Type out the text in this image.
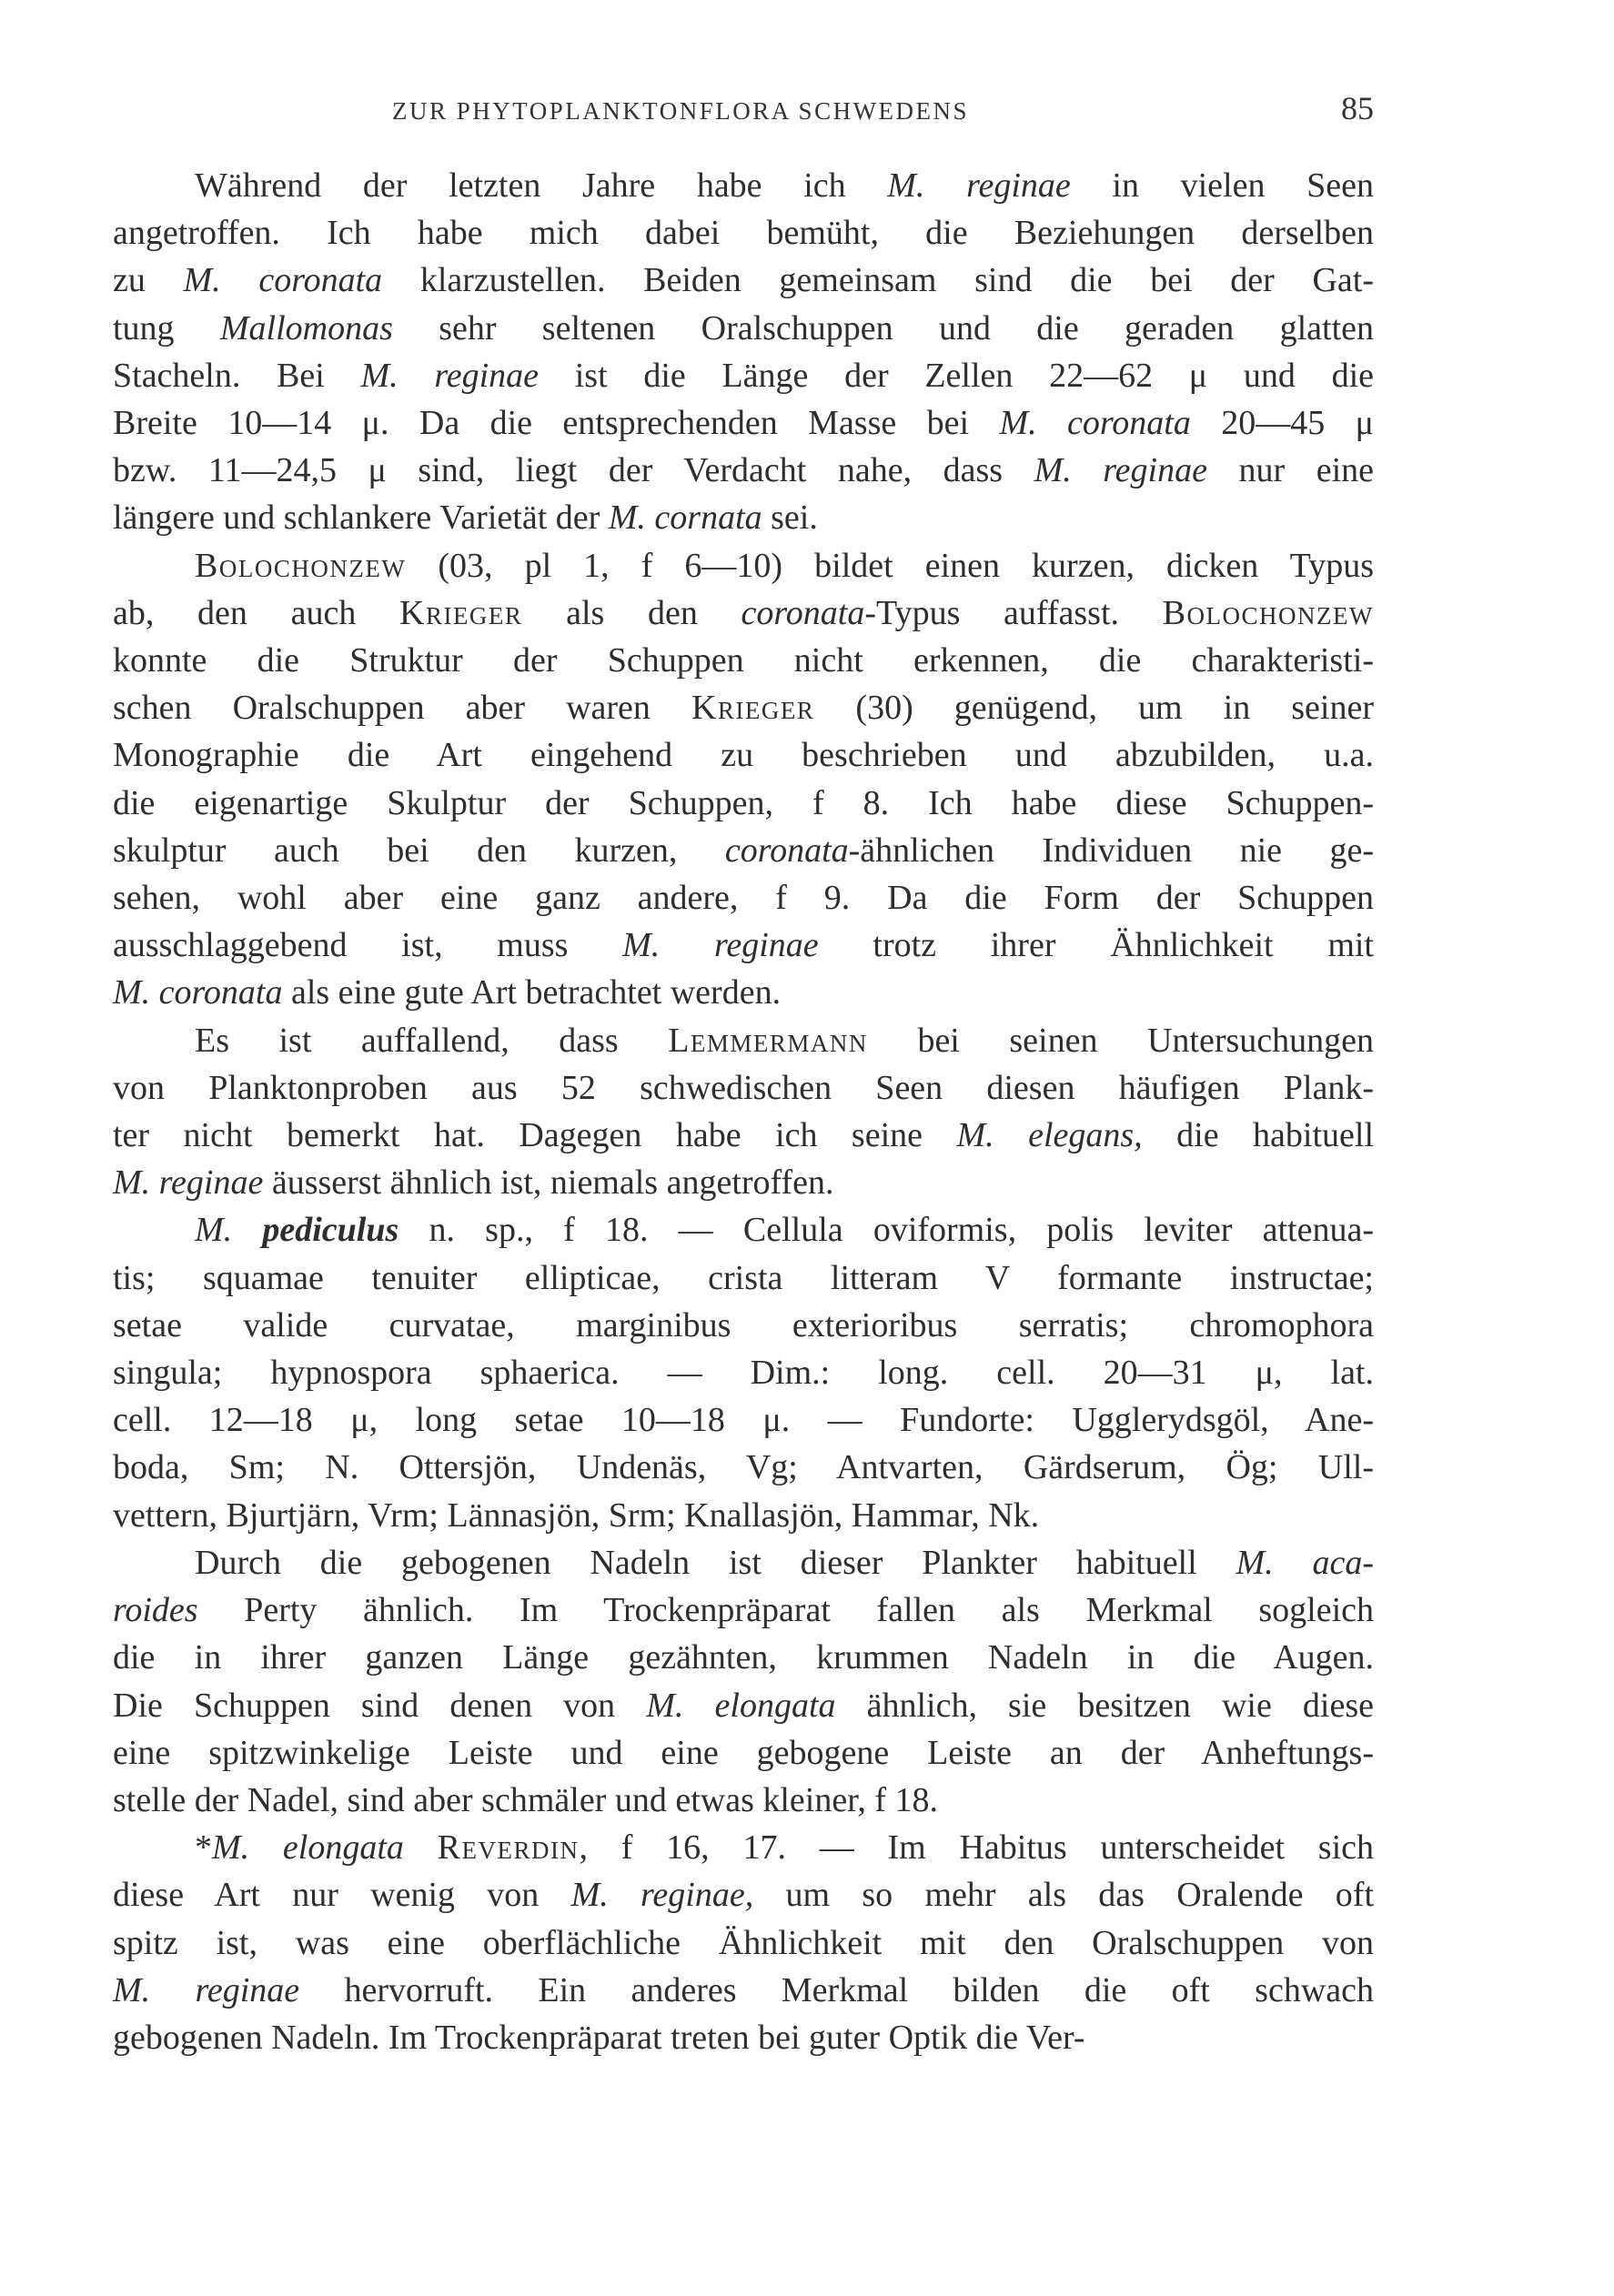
ZUR PHYTOPLANKTONFLORA SCHWEDENS	85
Während der letzten Jahre habe ich M. reginae in vielen Seen
angetroffen. Ich habe mich dabei bemüht, die Beziehungen derselben
zu M. coronata klarzustellen. Beiden gemeinsam sind die bei der Gat-
tung Mallomonas sehr seltenen Oralschuppen und die geraden glatten
Stacheln. Bei M. reginae ist die Länge der Zellen 22—62 μ und die
Breite 10—14 μ. Da die entsprechenden Masse bei M. coronata 20—45 μ
bzw. 11—24,5 μ sind, liegt der Verdacht nahe, dass M. reginae nur eine
längere und schlankere Varietät der M. cornata sei.
Bolochonzew (03, pl 1, f 6—10) bildet einen kurzen, dicken Typus
ab, den auch Krieger als den coronata-Typus auffasst. Bolochonzew
konnte die Struktur der Schuppen nicht erkennen, die charakteristi-
schen Oralschuppen aber waren Krieger (30) genügend, um in seiner
Monographie die Art eingehend zu beschrieben und abzubilden, u.a.
die eigenartige Skulptur der Schuppen, f 8. Ich habe diese Schuppen-
skulptur auch bei den kurzen, coronata-ähnlichen Individuen nie ge-
sehen, wohl aber eine ganz andere, f 9. Da die Form der Schuppen
ausschlaggebend ist, muss M. reginae trotz ihrer Ähnlichkeit mit
M. coronata als eine gute Art betrachtet werden.
Es ist auffallend, dass Lemmermann bei seinen Untersuchungen
von Planktonproben aus 52 schwedischen Seen diesen häufigen Plank-
ter nicht bemerkt hat. Dagegen habe ich seine M. elegans, die habituell
M. reginae äusserst ähnlich ist, niemals angetroffen.
M. pediculus n. sp., f 18. — Cellula oviformis, polis leviter attenua-
tis; squamae tenuiter ellipticae, crista litteram V formante instructae;
setae valide curvatae, marginibus exterioribus serratis; chromophora
singula; hypnospora sphaerica. — Dim.: long. cell. 20—31 μ, lat.
cell. 12—18 μ, long setae 10—18 μ. — Fundorte: Ugglerydsgöl, Ane-
boda, Sm; N. Ottersjön, Undenäs, Vg; Antvarten, Gärdserum, Ög; Ull-
vettern, Bjurtjärn, Vrm; Lännasjön, Srm; Knallasjön, Hammar, Nk.
Durch die gebogenen Nadeln ist dieser Plankter habituell M. aca-
roides Perty ähnlich. Im Trockenpräparat fallen als Merkmal sogleich
die in ihrer ganzen Länge gezähnten, krummen Nadeln in die Augen.
Die Schuppen sind denen von M. elongata ähnlich, sie besitzen wie diese
eine spitzwinkelige Leiste und eine gebogene Leiste an der Anheftungs-
stelle der Nadel, sind aber schmäler und etwas kleiner, f 18.
*M. elongata Reverdin, f 16, 17. — Im Habitus unterscheidet sich
diese Art nur wenig von M. reginae, um so mehr als das Oralende oft
spitz ist, was eine oberflächliche Ähnlichkeit mit den Oralschuppen von
M. reginae hervorruft. Ein anderes Merkmal bilden die oft schwach
gebogenen Nadeln. Im Trockenpräparat treten bei guter Optik die Ver-
